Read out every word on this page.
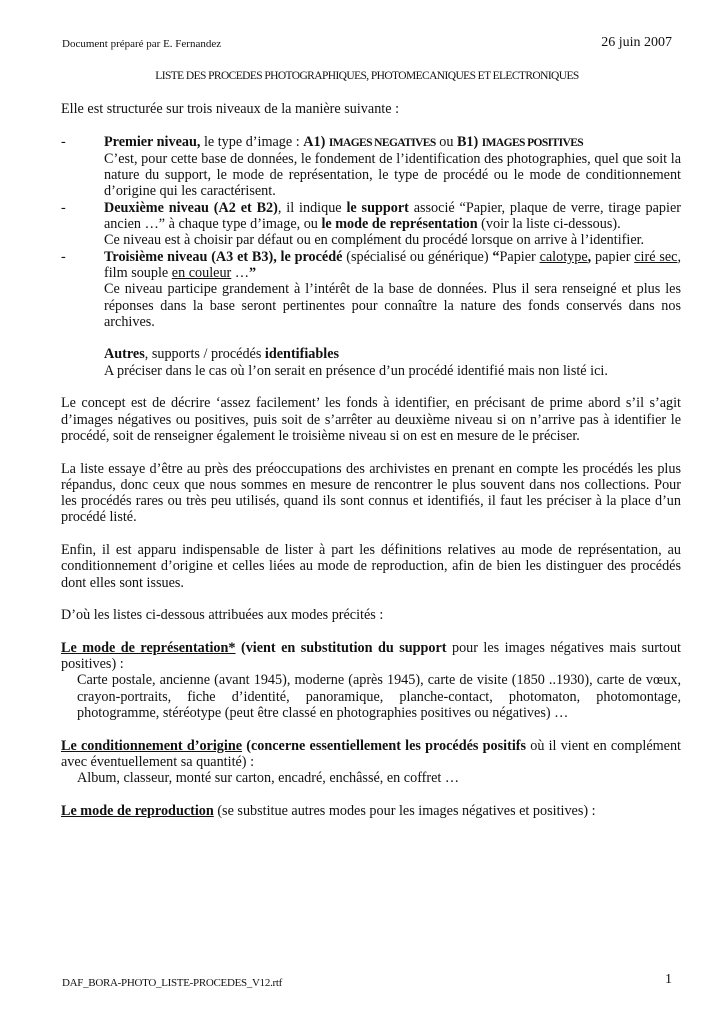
Document préparé par E. Fernandez	26 juin 2007
LISTE DES PROCEDES PHOTOGRAPHIQUES, PHOTOMECANIQUES ET ELECTRONIQUES

Elle est structurée sur trois niveaux de la manière suivante :

-	Premier niveau, le type d’image : A1) IMAGES NEGATIVES ou B1) IMAGES POSITIVES

C’est, pour cette base de données, le fondement de l’identification des photographies, quel que soit la nature du support, le mode de représentation, le type de procédé ou le mode de conditionnement d’origine qui les caractérisent.

-	Deuxième niveau (A2 et B2), il indique le support associé “Papier, plaque de verre, tirage papier ancien …” à chaque type d’image, ou le mode de représentation (voir la liste ci-dessous).

Ce niveau est à choisir par défaut ou en complément du procédé lorsque on arrive à l’identifier.

-	Troisième niveau (A3 et B3), le procédé (spécialisé ou générique) “Papier calotype, papier ciré sec, film souple en couleur …”

Ce niveau participe grandement à l’intérêt de la base de données. Plus il sera renseigné et plus les réponses dans la base seront pertinentes pour connaître la nature des fonds conservés dans nos archives.

Autres, supports / procédés identifiables

A préciser dans le cas où l’on serait en présence d’un procédé identifié mais non listé ici.

Le concept est de décrire ‘assez facilement’ les fonds à identifier, en précisant de prime abord s’il s’agit d’images négatives ou positives, puis soit de s’arrêter au deuxième niveau si on n’arrive pas à identifier le procédé, soit de renseigner également le troisième niveau si on est en mesure de le préciser.

La liste essaye d’être au près des préoccupations des archivistes en prenant en compte les procédés les plus répandus, donc ceux que nous sommes en mesure de rencontrer le plus souvent dans nos collections. Pour les procédés rares ou très peu utilisés, quand ils sont connus et identifiés, il faut les préciser à la place d’un procédé listé.

Enfin, il est apparu indispensable de lister à part les définitions relatives au mode de représentation, au conditionnement d’origine et celles liées au mode de reproduction, afin de bien les distinguer des procédés dont elles sont issues.

D’où les listes ci-dessous attribuées aux modes précités :

Le mode de représentation* (vient en substitution du support pour les images négatives mais surtout positives) :

Carte postale, ancienne (avant 1945), moderne (après 1945), carte de visite (1850 ..1930), carte de vœux, crayon-portraits, fiche d’identité, panoramique, planche-contact, photomaton, photomontage, photogramme, stéréotype (peut être classé en photographies positives ou négatives) …

Le conditionnement d’origine (concerne essentiellement les procédés positifs où il vient en complément avec éventuellement sa quantité) :

Album, classeur, monté sur carton, encadré, enchâssé, en coffret …

Le mode de reproduction (se substitue autres modes pour les images négatives et positives) :

DAF_BORA-PHOTO_LISTE-PROCEDES_V12.rtf	1
